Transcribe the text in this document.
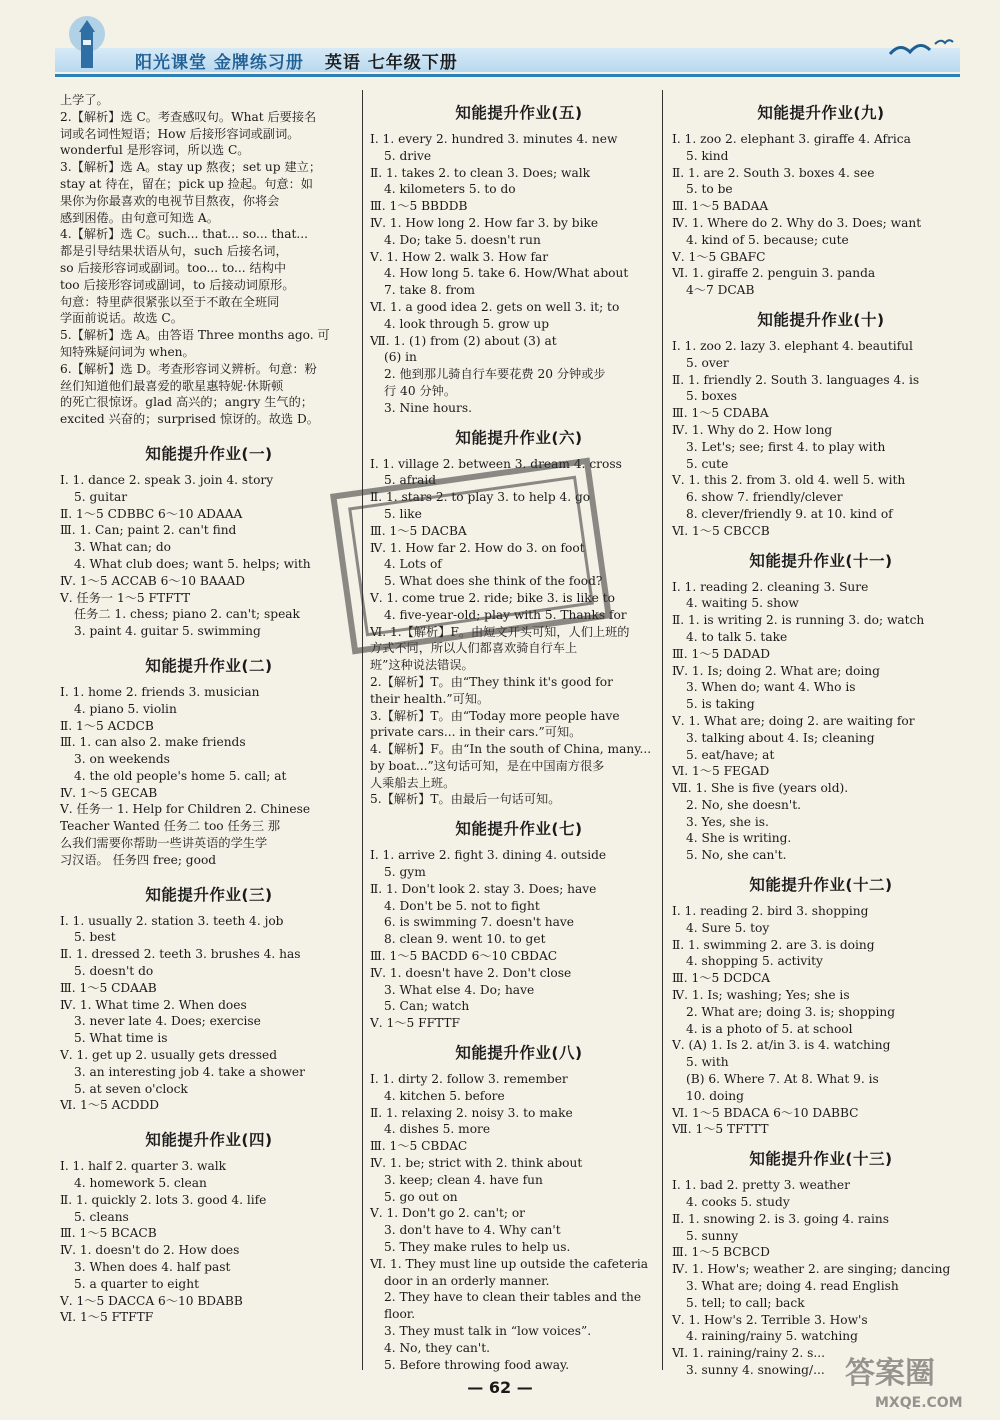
阳光课堂 金牌练习册 英语 七年级下册
上学了。
2.【解析】选 C。考查感叹句。What 后要接名
词或名词性短语；How 后接形容词或副词。
wonderful 是形容词，所以选 C。
3.【解析】选 A。stay up 熬夜；set up 建立；
stay at 待在，留在；pick up 捡起。句意：如
果你为你最喜欢的电视节目熬夜，你将会
感到困倦。由句意可知选 A。
4.【解析】选 C。such... that... so... that...
都是引导结果状语从句，such 后接名词，
so 后接形容词或副词。too... to... 结构中
too 后接形容词或副词，to 后接动词原形。
句意：特里萨很紧张以至于不敢在全班同
学面前说话。故选 C。
5.【解析】选 A。由答语 Three months ago. 可
知特殊疑问词为 when。
6.【解析】选 D。考查形容词义辨析。句意：粉
丝们知道他们最喜爱的歌星惠特妮·休斯顿
的死亡很惊讶。glad 高兴的；angry 生气的；
excited 兴奋的；surprised 惊讶的。故选 D。
知能提升作业(一)
Ⅰ. 1. dance 2. speak 3. join 4. story
5. guitar
Ⅱ. 1～5 CDBBC 6～10 ADAAA
Ⅲ. 1. Can; paint 2. can't find
3. What can; do
4. What club does; want 5. helps; with
Ⅳ. 1～5 ACCAB 6～10 BAAAD
Ⅴ. 任务一 1～5 FTFTT
任务二 1. chess; piano 2. can't; speak
3. paint 4. guitar 5. swimming
知能提升作业(二)
Ⅰ. 1. home 2. friends 3. musician
4. piano 5. violin
Ⅱ. 1～5 ACDCB
Ⅲ. 1. can also 2. make friends
3. on weekends
4. the old people's home 5. call; at
Ⅳ. 1～5 GECAB
Ⅴ. 任务一 1. Help for Children 2. Chinese
Teacher Wanted 任务二 too 任务三 那
么我们需要你帮助一些讲英语的学生学
习汉语。 任务四 free; good
知能提升作业(三)
Ⅰ. 1. usually 2. station 3. teeth 4. job
5. best
Ⅱ. 1. dressed 2. teeth 3. brushes 4. has
5. doesn't do
Ⅲ. 1～5 CDAAB
Ⅳ. 1. What time 2. When does
3. never late 4. Does; exercise
5. What time is
Ⅴ. 1. get up 2. usually gets dressed
3. an interesting job 4. take a shower
5. at seven o'clock
Ⅵ. 1～5 ACDDD
知能提升作业(四)
Ⅰ. 1. half 2. quarter 3. walk
4. homework 5. clean
Ⅱ. 1. quickly 2. lots 3. good 4. life
5. cleans
Ⅲ. 1～5 BCACB
Ⅳ. 1. doesn't do 2. How does
3. When does 4. half past
5. a quarter to eight
Ⅴ. 1～5 DACCA 6～10 BDABB
Ⅵ. 1～5 FTFTF
知能提升作业(五)
Ⅰ. 1. every 2. hundred 3. minutes 4. new
5. drive
Ⅱ. 1. takes 2. to clean 3. Does; walk
4. kilometers 5. to do
Ⅲ. 1～5 BBDDB
Ⅳ. 1. How long 2. How far 3. by bike
4. Do; take 5. doesn't run
Ⅴ. 1. How 2. walk 3. How far
4. How long 5. take 6. How/What about
7. take 8. from
Ⅵ. 1. a good idea 2. gets on well 3. it; to
4. look through 5. grow up
Ⅶ. 1. (1) from (2) about (3) at
(6) in
2. 他到那儿骑自行车要花费 20 分钟或步
行 40 分钟。
3. Nine hours.
知能提升作业(六)
Ⅰ. 1. village 2. between 3. dream 4. cross
5. afraid
Ⅱ. 1. stars 2. to play 3. to help 4. go
5. like
Ⅲ. 1～5 DACBA
Ⅳ. 1. How far 2. How do 3. on foot
4. Lots of
5. What does she think of the food?
Ⅴ. 1. come true 2. ride; bike 3. is like to
4. five-year-old; play with 5. Thanks for
Ⅵ. 1.【解析】F。由短文开头可知，人们上班的
方式不同，所以人们都喜欢骑自行车上
班”这种说法错误。
2.【解析】T。由“They think it's good for
their health.”可知。
3.【解析】T。由“Today more people have
private cars... in their cars.”可知。
4.【解析】F。由“In the south of China, many...
by boat...”这句话可知，是在中国南方很多
人乘船去上班。
5.【解析】T。由最后一句话可知。
知能提升作业(七)
Ⅰ. 1. arrive 2. fight 3. dining 4. outside
5. gym
Ⅱ. 1. Don't look 2. stay 3. Does; have
4. Don't be 5. not to fight
6. is swimming 7. doesn't have
8. clean 9. went 10. to get
Ⅲ. 1～5 BACDD 6～10 CBDAC
Ⅳ. 1. doesn't have 2. Don't close
3. What else 4. Do; have
5. Can; watch
Ⅴ. 1～5 FFTTF
知能提升作业(八)
Ⅰ. 1. dirty 2. follow 3. remember
4. kitchen 5. before
Ⅱ. 1. relaxing 2. noisy 3. to make
4. dishes 5. more
Ⅲ. 1～5 CBDAC
Ⅳ. 1. be; strict with 2. think about
3. keep; clean 4. have fun
5. go out on
Ⅴ. 1. Don't go 2. can't; or
3. don't have to 4. Why can't
5. They make rules to help us.
Ⅵ. 1. They must line up outside the cafeteria
door in an orderly manner.
2. They have to clean their tables and the
floor.
3. They must talk in “low voices”.
4. No, they can't.
5. Before throwing food away.
知能提升作业(九)
Ⅰ. 1. zoo 2. elephant 3. giraffe 4. Africa
5. kind
Ⅱ. 1. are 2. South 3. boxes 4. see
5. to be
Ⅲ. 1～5 BADAA
Ⅳ. 1. Where do 2. Why do 3. Does; want
4. kind of 5. because; cute
Ⅴ. 1～5 GBAFC
Ⅵ. 1. giraffe 2. penguin 3. panda
4～7 DCAB
知能提升作业(十)
Ⅰ. 1. zoo 2. lazy 3. elephant 4. beautiful
5. over
Ⅱ. 1. friendly 2. South 3. languages 4. is
5. boxes
Ⅲ. 1～5 CDABA
Ⅳ. 1. Why do 2. How long
3. Let's; see; first 4. to play with
5. cute
Ⅴ. 1. this 2. from 3. old 4. well 5. with
6. show 7. friendly/clever
8. clever/friendly 9. at 10. kind of
Ⅵ. 1～5 CBCCB
知能提升作业(十一)
Ⅰ. 1. reading 2. cleaning 3. Sure
4. waiting 5. show
Ⅱ. 1. is writing 2. is running 3. do; watch
4. to talk 5. take
Ⅲ. 1～5 DADAD
Ⅳ. 1. Is; doing 2. What are; doing
3. When do; want 4. Who is
5. is taking
Ⅴ. 1. What are; doing 2. are waiting for
3. talking about 4. Is; cleaning
5. eat/have; at
Ⅵ. 1～5 FEGAD
Ⅶ. 1. She is five (years old).
2. No, she doesn't.
3. Yes, she is.
4. She is writing.
5. No, she can't.
知能提升作业(十二)
Ⅰ. 1. reading 2. bird 3. shopping
4. Sure 5. toy
Ⅱ. 1. swimming 2. are 3. is doing
4. shopping 5. activity
Ⅲ. 1～5 DCDCA
Ⅳ. 1. Is; washing; Yes; she is
2. What are; doing 3. is; shopping
4. is a photo of 5. at school
Ⅴ. (A) 1. Is 2. at/in 3. is 4. watching
5. with
(B) 6. Where 7. At 8. What 9. is
10. doing
Ⅵ. 1～5 BDACA 6～10 DABBC
Ⅶ. 1～5 TFTTT
知能提升作业(十三)
Ⅰ. 1. bad 2. pretty 3. weather
4. cooks 5. study
Ⅱ. 1. snowing 2. is 3. going 4. rains
5. sunny
Ⅲ. 1～5 BCBCD
Ⅳ. 1. How's; weather 2. are singing; dancing
3. What are; doing 4. read English
5. tell; to call; back
Ⅴ. 1. How's 2. Terrible 3. How's
4. raining/rainy 5. watching
Ⅵ. 1. raining/rainy 2. s...
3. sunny 4. snowing/...
— 62 —	答案圈
MXQE.COM
